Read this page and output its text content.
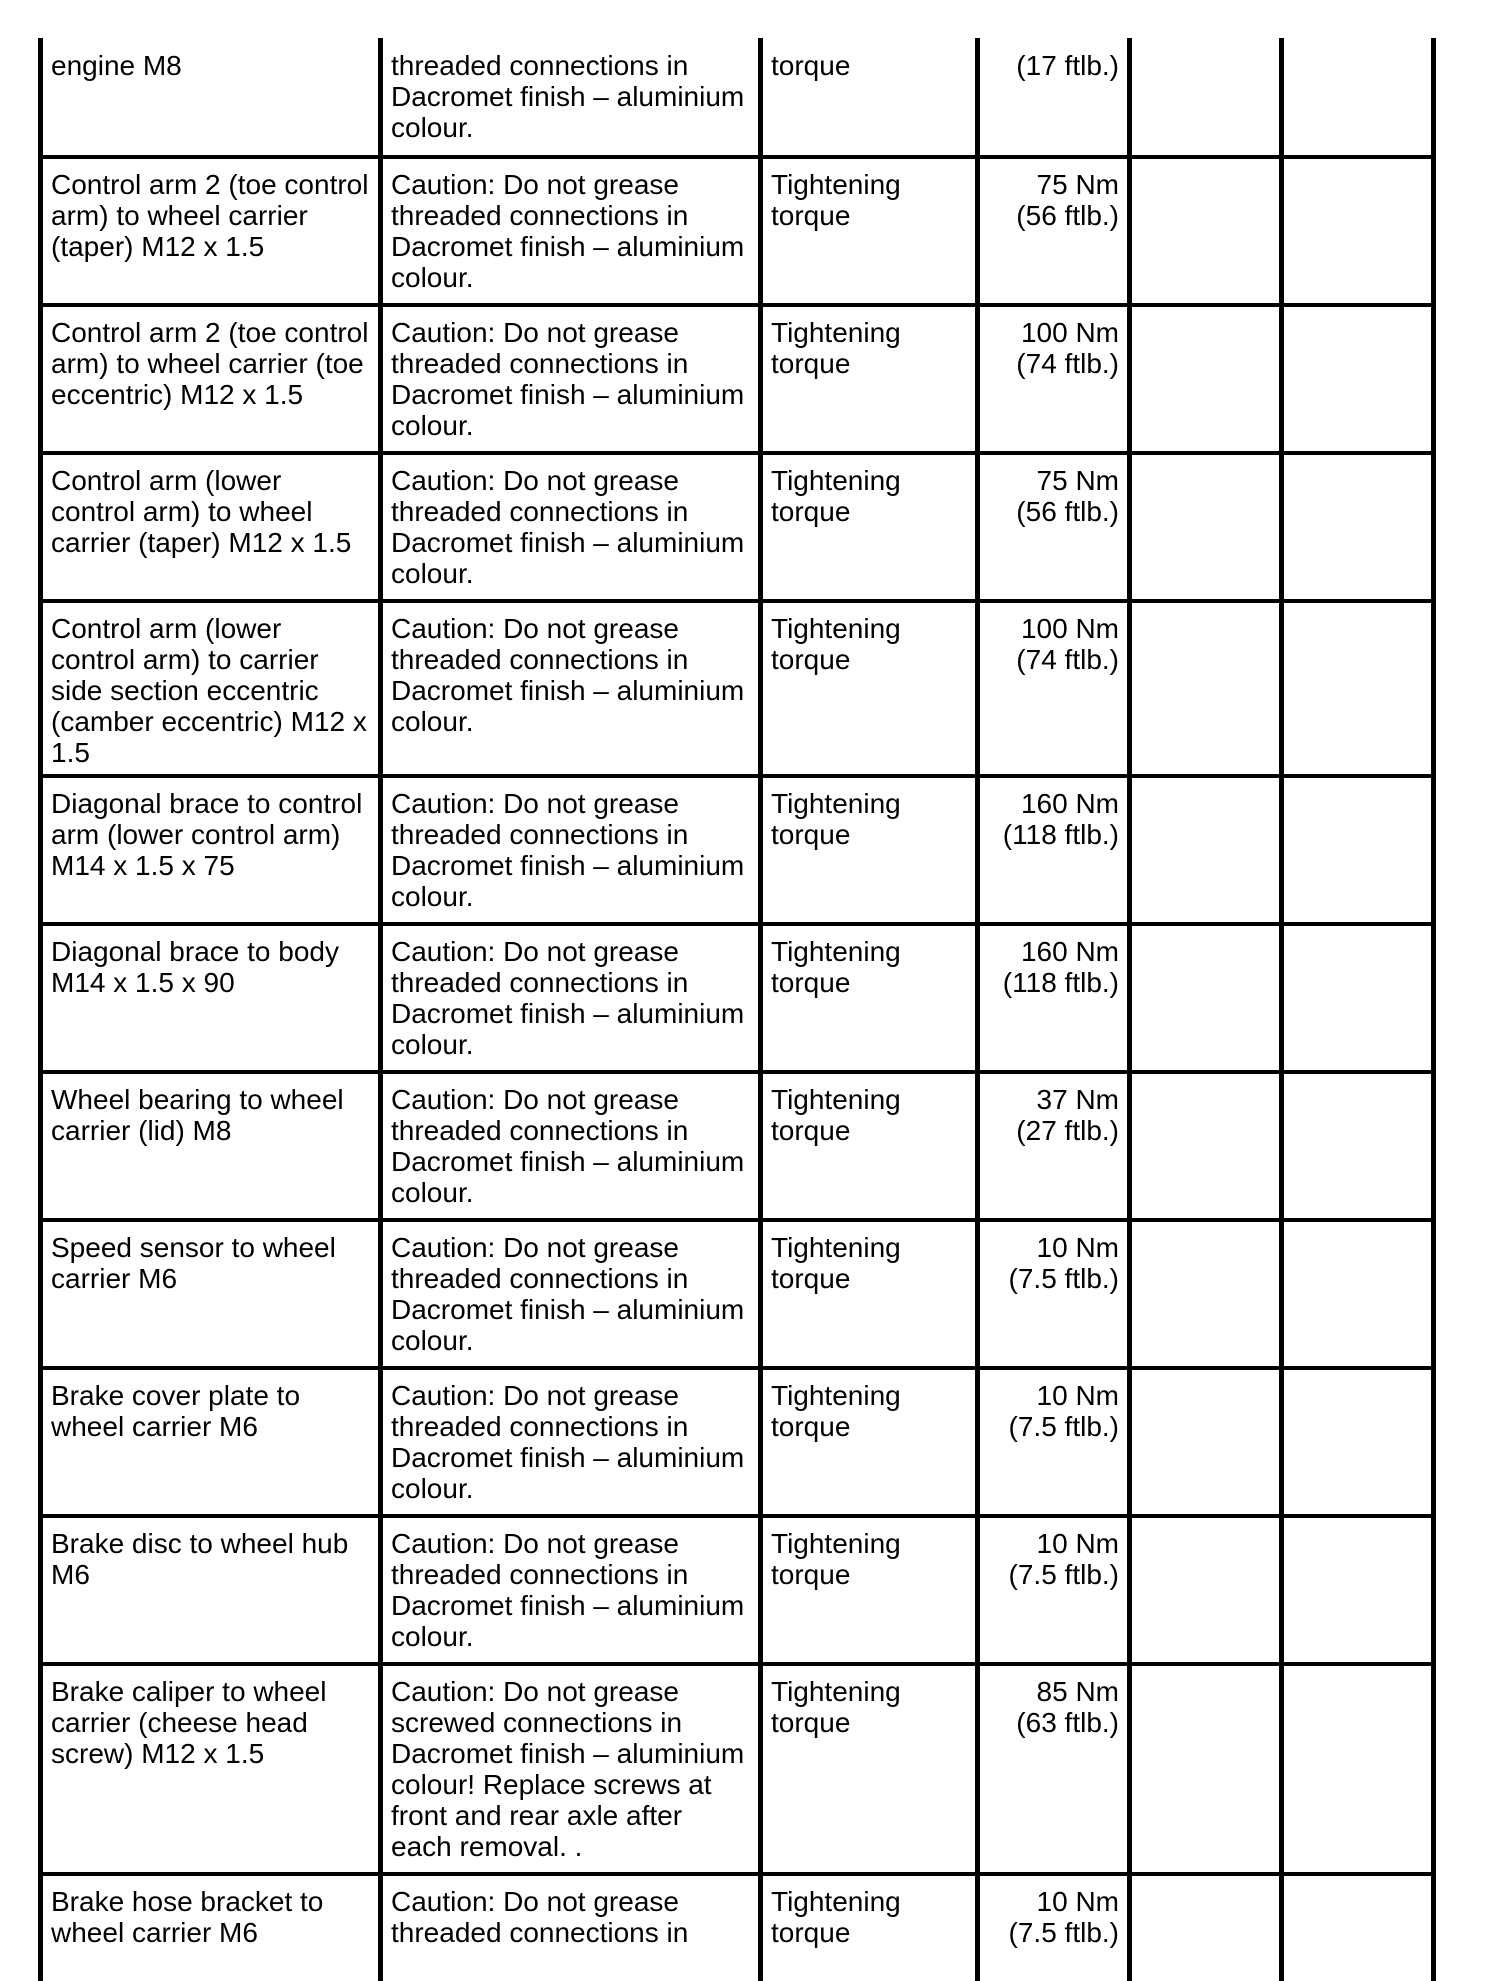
engine M8	threaded connections in Dacromet finish – aluminium colour.	torque	(17 ftlb.)		

Control arm 2 (toe control arm) to wheel carrier (taper) M12 x 1.5	Caution: Do not grease threaded connections in Dacromet finish – aluminium colour.	Tightening torque	75 Nm
(56 ftlb.)		

Control arm 2 (toe control arm) to wheel carrier (toe eccentric) M12 x 1.5	Caution: Do not grease threaded connections in Dacromet finish – aluminium colour.	Tightening torque	100 Nm
(74 ftlb.)		

Control arm (lower control arm) to wheel carrier (taper) M12 x 1.5	Caution: Do not grease threaded connections in Dacromet finish – aluminium colour.	Tightening torque	75 Nm
(56 ftlb.)		

Control arm (lower control arm) to carrier side section eccentric (camber eccentric) M12 x 1.5	Caution: Do not grease threaded connections in Dacromet finish – aluminium colour.	Tightening torque	100 Nm
(74 ftlb.)		

Diagonal brace to control arm (lower control arm) M14 x 1.5 x 75	Caution: Do not grease threaded connections in Dacromet finish – aluminium colour.	Tightening torque	160 Nm
(118 ftlb.)		

Diagonal brace to body M14 x 1.5 x 90	Caution: Do not grease threaded connections in Dacromet finish – aluminium colour.	Tightening torque	160 Nm
(118 ftlb.)		

Wheel bearing to wheel carrier (lid) M8	Caution: Do not grease threaded connections in Dacromet finish – aluminium colour.	Tightening torque	37 Nm
(27 ftlb.)		

Speed sensor to wheel carrier M6	Caution: Do not grease threaded connections in Dacromet finish – aluminium colour.	Tightening torque	10 Nm
(7.5 ftlb.)		

Brake cover plate to wheel carrier M6	Caution: Do not grease threaded connections in Dacromet finish – aluminium colour.	Tightening torque	10 Nm
(7.5 ftlb.)		

Brake disc to wheel hub M6	Caution: Do not grease threaded connections in Dacromet finish – aluminium colour.	Tightening torque	10 Nm
(7.5 ftlb.)		

Brake caliper to wheel carrier (cheese head screw) M12 x 1.5	Caution: Do not grease screwed connections in Dacromet finish – aluminium colour! Replace screws at front and rear axle after each removal. .	Tightening torque	85 Nm
(63 ftlb.)		

Brake hose bracket to wheel carrier M6	Caution: Do not grease threaded connections in	Tightening torque	10 Nm
(7.5 ftlb.)		
